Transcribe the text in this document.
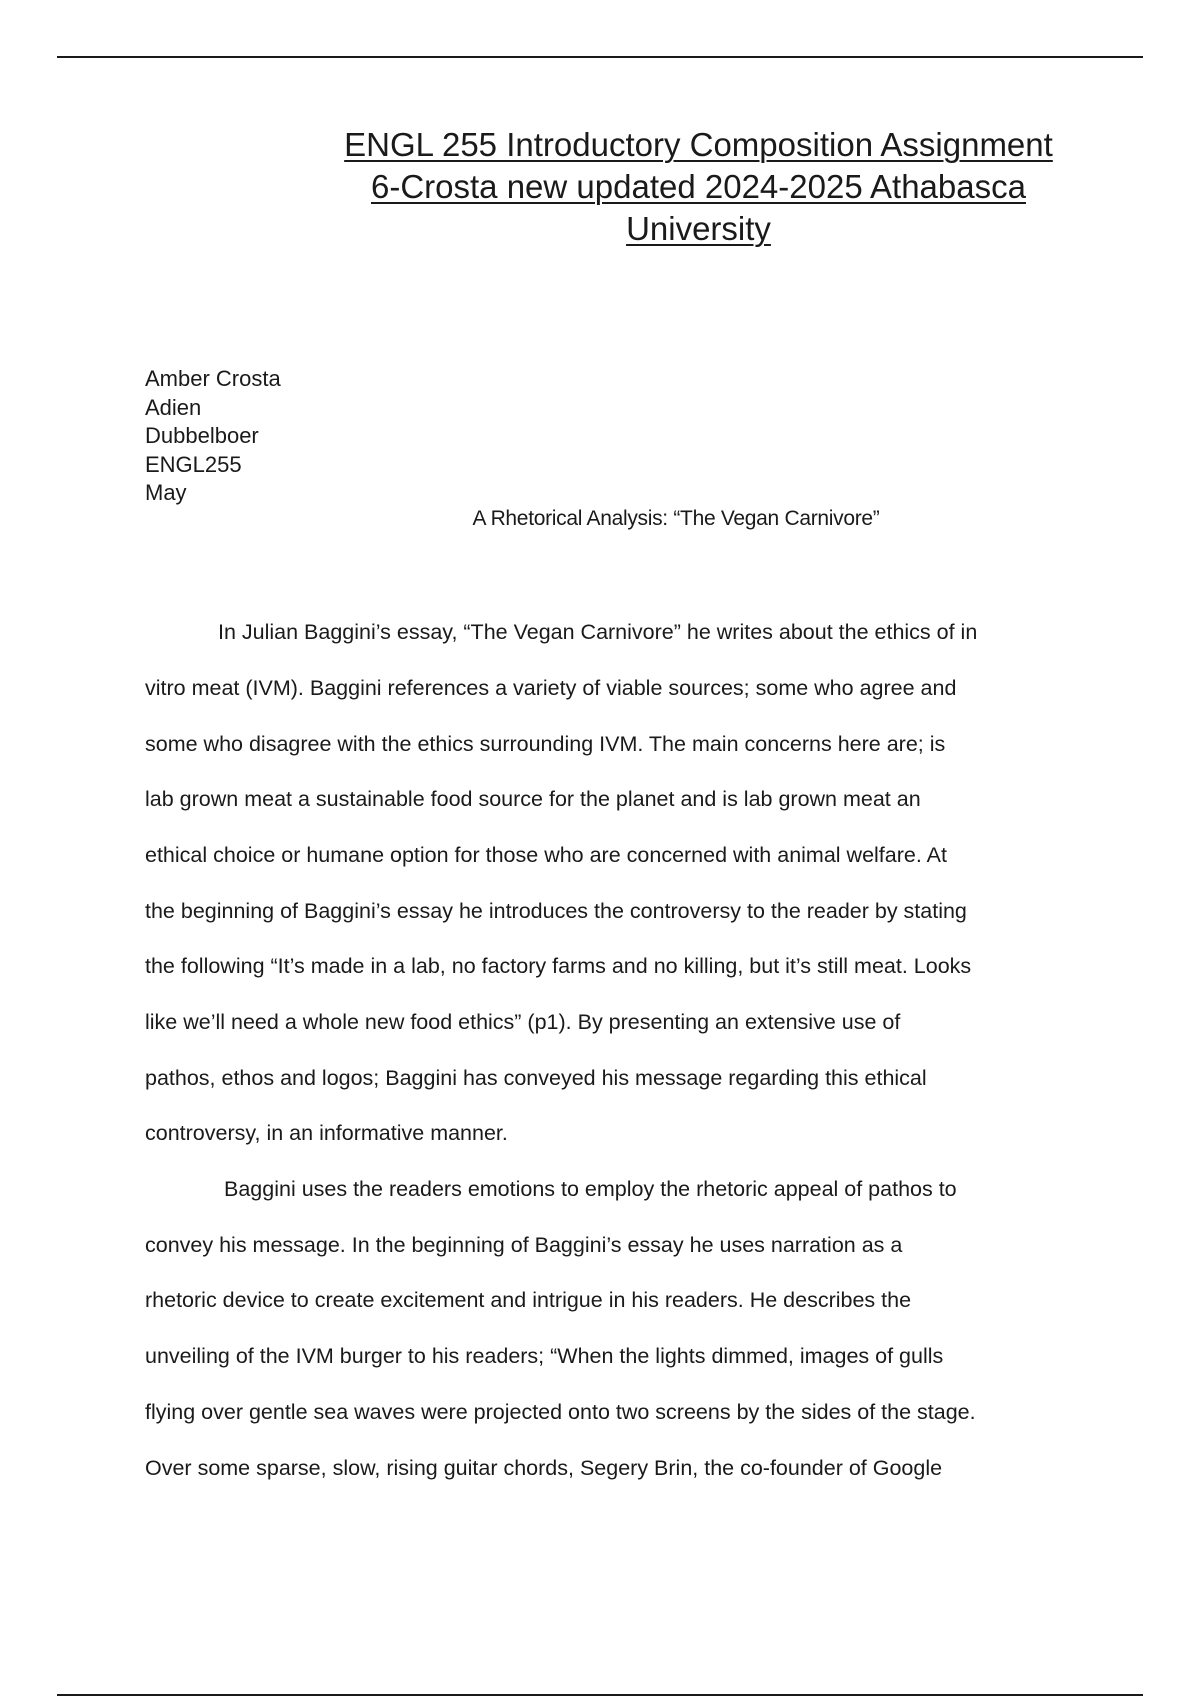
ENGL 255 Introductory Composition Assignment
6-Crosta new updated 2024-2025 Athabasca
University
Amber Crosta
Adien
Dubbelboer
ENGL255
May
A Rhetorical Analysis: “The Vegan Carnivore”
In Julian Baggini’s essay, “The Vegan Carnivore” he writes about the ethics of in
vitro meat (IVM). Baggini references a variety of viable sources; some who agree and
some who disagree with the ethics surrounding IVM. The main concerns here are; is
lab grown meat a sustainable food source for the planet and is lab grown meat an
ethical choice or humane option for those who are concerned with animal welfare. At
the beginning of Baggini’s essay he introduces the controversy to the reader by stating
the following “It’s made in a lab, no factory farms and no killing, but it’s still meat. Looks
like we’ll need a whole new food ethics” (p1). By presenting an extensive use of
pathos, ethos and logos; Baggini has conveyed his message regarding this ethical
controversy, in an informative manner.
Baggini uses the readers emotions to employ the rhetoric appeal of pathos to
convey his message. In the beginning of Baggini’s essay he uses narration as a
rhetoric device to create excitement and intrigue in his readers. He describes the
unveiling of the IVM burger to his readers; “When the lights dimmed, images of gulls
flying over gentle sea waves were projected onto two screens by the sides of the stage.
Over some sparse, slow, rising guitar chords, Segery Brin, the co-founder of Google
